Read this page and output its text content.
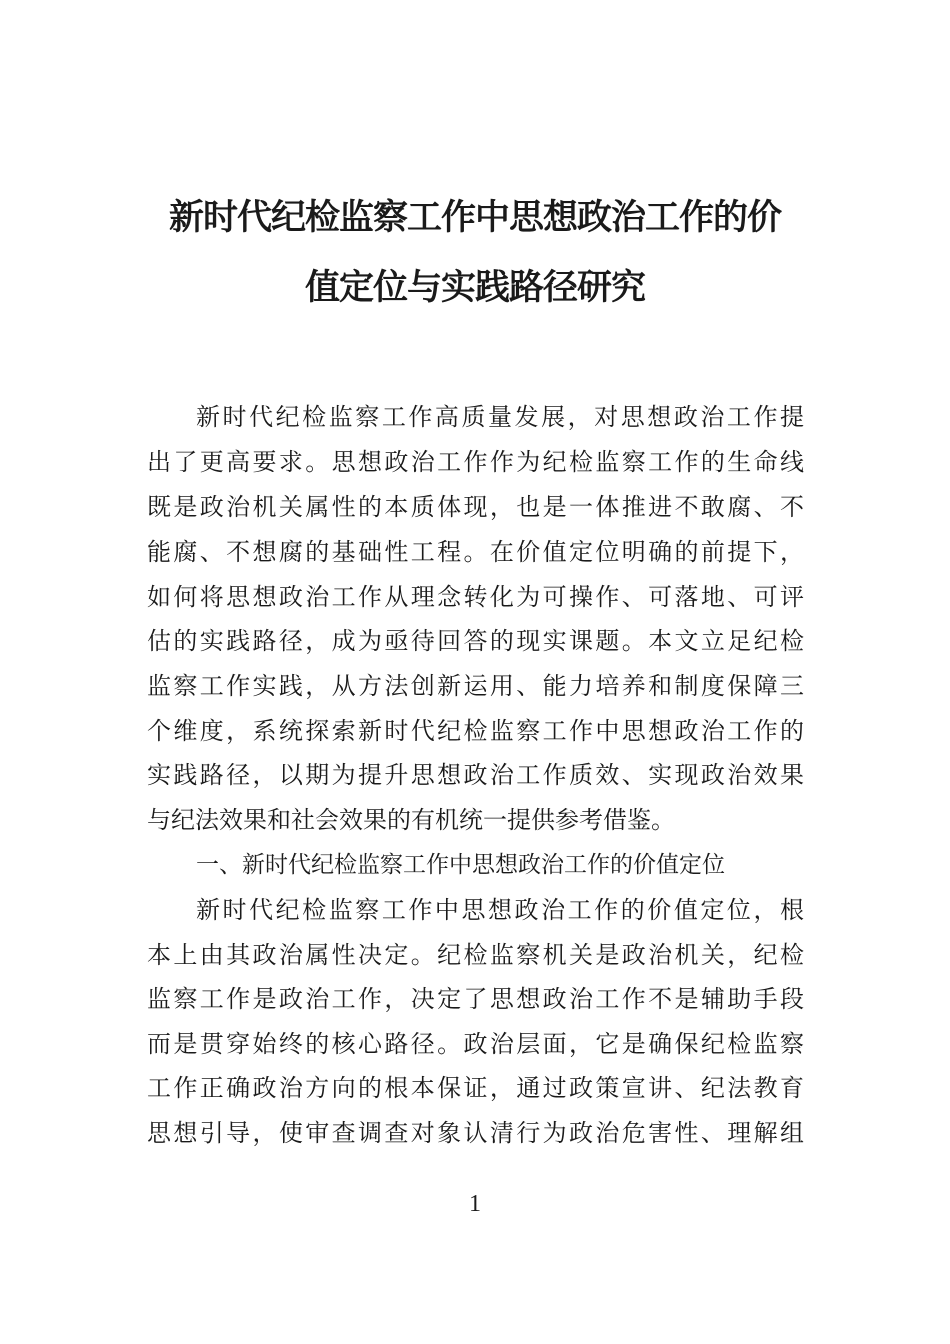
新时代纪检监察工作中思想政治工作的价
值定位与实践路径研究
新时代纪检监察工作高质量发展，对思想政治工作提
出了更高要求。思想政治工作作为纪检监察工作的生命线
既是政治机关属性的本质体现，也是一体推进不敢腐、不
能腐、不想腐的基础性工程。在价值定位明确的前提下，
如何将思想政治工作从理念转化为可操作、可落地、可评
估的实践路径，成为亟待回答的现实课题。本文立足纪检
监察工作实践，从方法创新运用、能力培养和制度保障三
个维度，系统探索新时代纪检监察工作中思想政治工作的
实践路径，以期为提升思想政治工作质效、实现政治效果
与纪法效果和社会效果的有机统一提供参考借鉴。
一、新时代纪检监察工作中思想政治工作的价值定位
新时代纪检监察工作中思想政治工作的价值定位，根
本上由其政治属性决定。纪检监察机关是政治机关，纪检
监察工作是政治工作，决定了思想政治工作不是辅助手段
而是贯穿始终的核心路径。政治层面，它是确保纪检监察
工作正确政治方向的根本保证，通过政策宣讲、纪法教育
思想引导，使审查调查对象认清行为政治危害性、理解组
1
